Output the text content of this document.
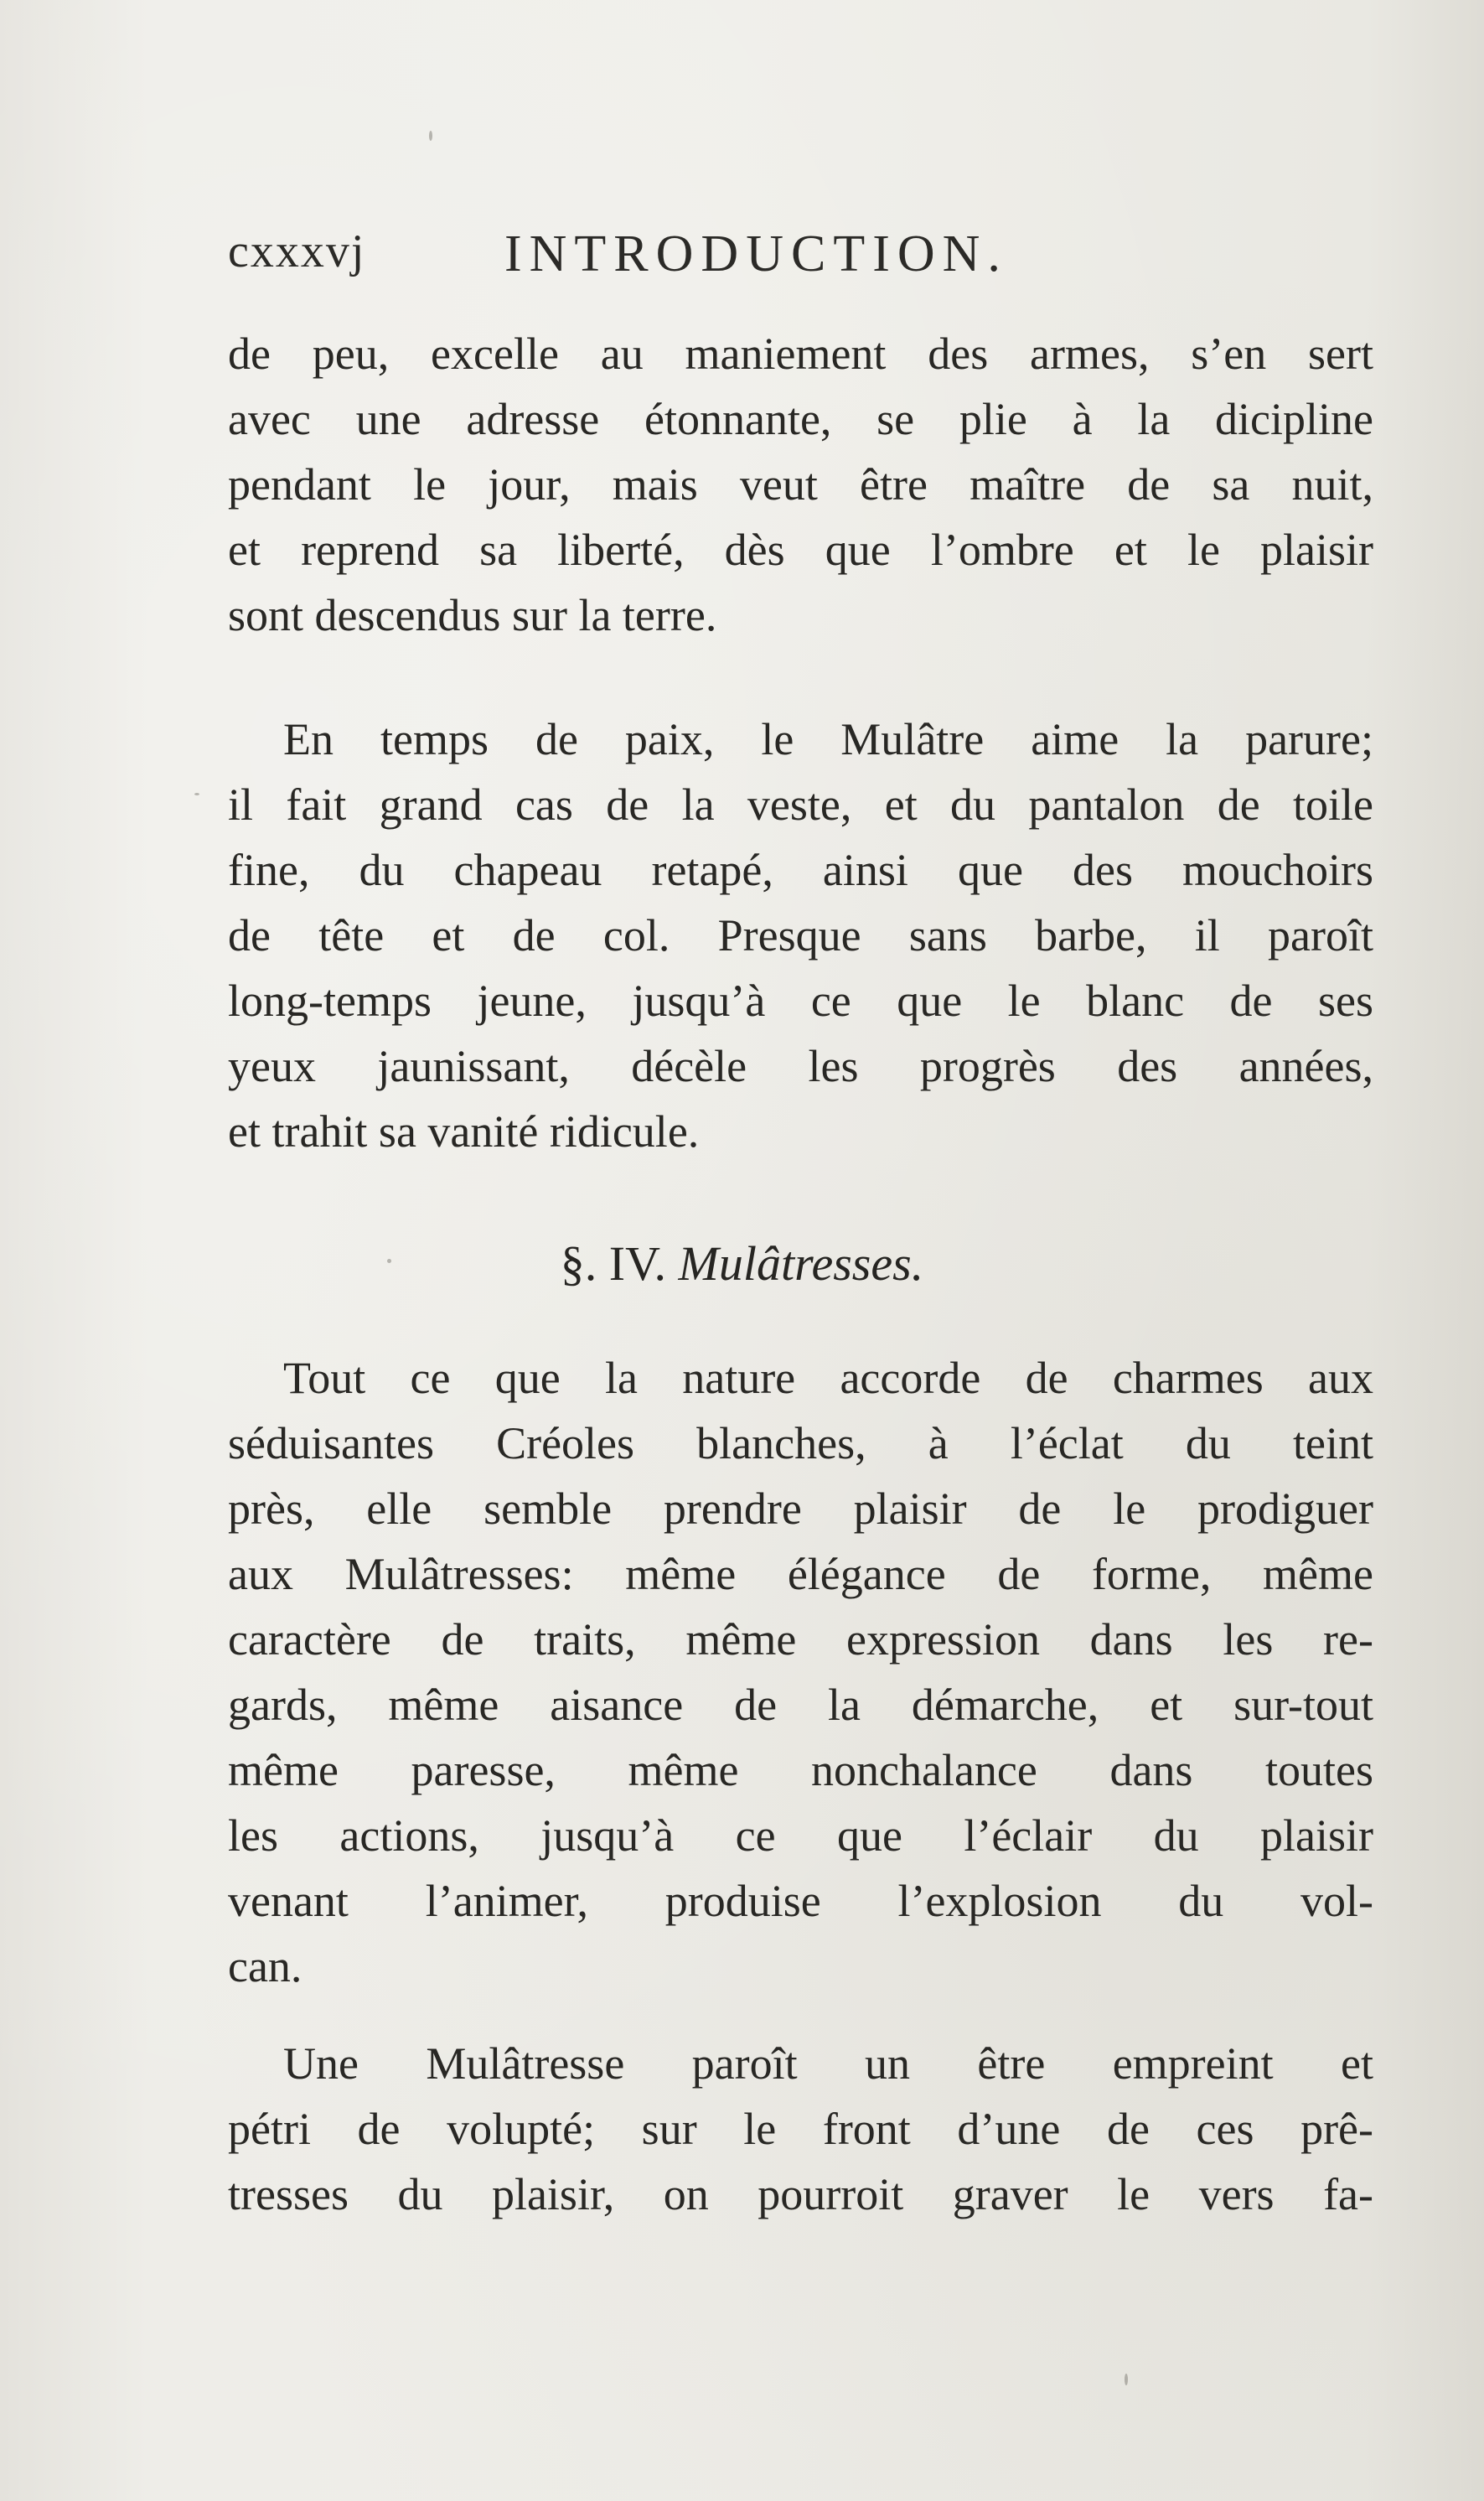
cxxxvj	INTRODUCTION.
de peu, excelle au maniement des armes, s’en sert
avec une adresse étonnante, se plie à la dicipline
pendant le jour, mais veut être maître de sa nuit,
et reprend sa liberté, dès que l’ombre et le plaisir
sont descendus sur la terre.
En temps de paix, le Mulâtre aime la parure;
il fait grand cas de la veste, et du pantalon de toile
fine, du chapeau retapé, ainsi que des mouchoirs
de tête et de col. Presque sans barbe, il paroît
long-temps jeune, jusqu’à ce que le blanc de ses
yeux jaunissant, décèle les progrès des années,
et trahit sa vanité ridicule.
§. IV. Mulâtresses.
Tout ce que la nature accorde de charmes aux
séduisantes Créoles blanches, à l’éclat du teint
près, elle semble prendre plaisir de le prodiguer
aux Mulâtresses: même élégance de forme, même
caractère de traits, même expression dans les re-
gards, même aisance de la démarche, et sur-tout
même paresse, même nonchalance dans toutes
les actions, jusqu’à ce que l’éclair du plaisir
venant l’animer, produise l’explosion du vol-
can.
Une Mulâtresse paroît un être empreint et
pétri de volupté; sur le front d’une de ces prê-
tresses du plaisir, on pourroit graver le vers fa-
